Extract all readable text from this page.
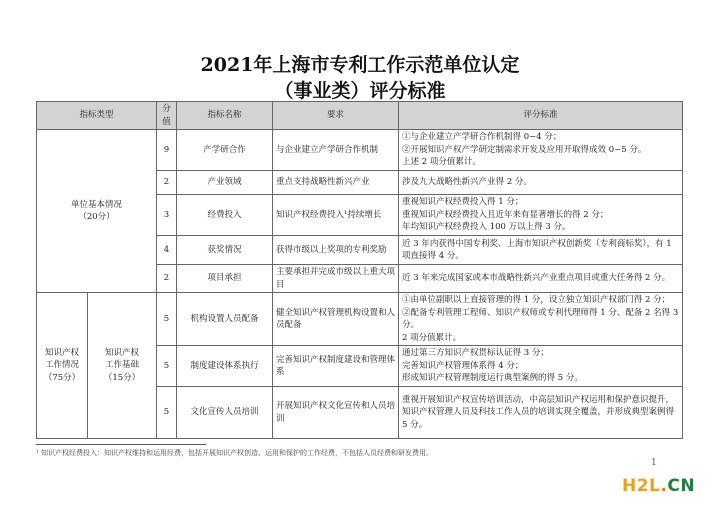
2021年上海市专利工作示范单位认定
（事业类）评分标准
指标类型		分
值	指标名称	要求	评分标准
单位基本情况
（20分）		9	产学研合作	与企业建立产学研合作机制	①与企业建立产学研合作机制得 0~4 分；
②开展知识产权产学研定制需求开发及应用开取得成效 0~5 分。
上述 2 项分值累计。
		2	产业领域	重点支持战略性新兴产业	涉及九大战略性新兴产业得 2 分。
		3	经费投入	知识产权经费投入¹持续增长	重视知识产权经费投入得 1 分；
重视知识产权经费投入且近年来有显著增长的得 2 分；
年均知识产权经费投入 100 万以上得 3 分。
		4	获奖情况	获得市级以上奖项的专利奖励	近 3 年内获得中国专利奖、上海市知识产权创新奖（专利商标奖），有 1 项直接得 4 分。
		2	项目承担	主要承担并完成市级以上重大项目	近 3 年来完成国家或本市战略性新兴产业重点项目或重大任务得 2 分。
知识产权
工作情况
（75分）	知识产权
工作基础
（15分）	5	机构设置人员配备	健全知识产权管理机构设置和人员配备	①由单位副职以上直接管理的得 1 分，设立独立知识产权部门得 2 分；
②配备专利管理工程师、知识产权师或专利代理师得 1 分、配备 2 名得 3 分。
2 项分值累计。
		5	制度建设体系执行	完善知识产权制度建设和管理体系	通过第三方知识产权贯标认证得 3 分；
完善知识产权管理体系得 4 分；
形成知识产权管理制度运行典型案例的得 5 分。
		5	文化宣传人员培训	开展知识产权文化宣传和人员培训	重视开展知识产权宣传培训活动，中高层知识产权运用和保护意识提升，知识产权管理人员及科技工作人员的培训实现全覆盖，并形成典型案例得 5 分。
¹ 知识产权经费投入：知识产权维持和运用经费，包括开展知识产权创造、运用和保护的工作经费，不包括人员经费和研发费用。
1
H2L.CN
